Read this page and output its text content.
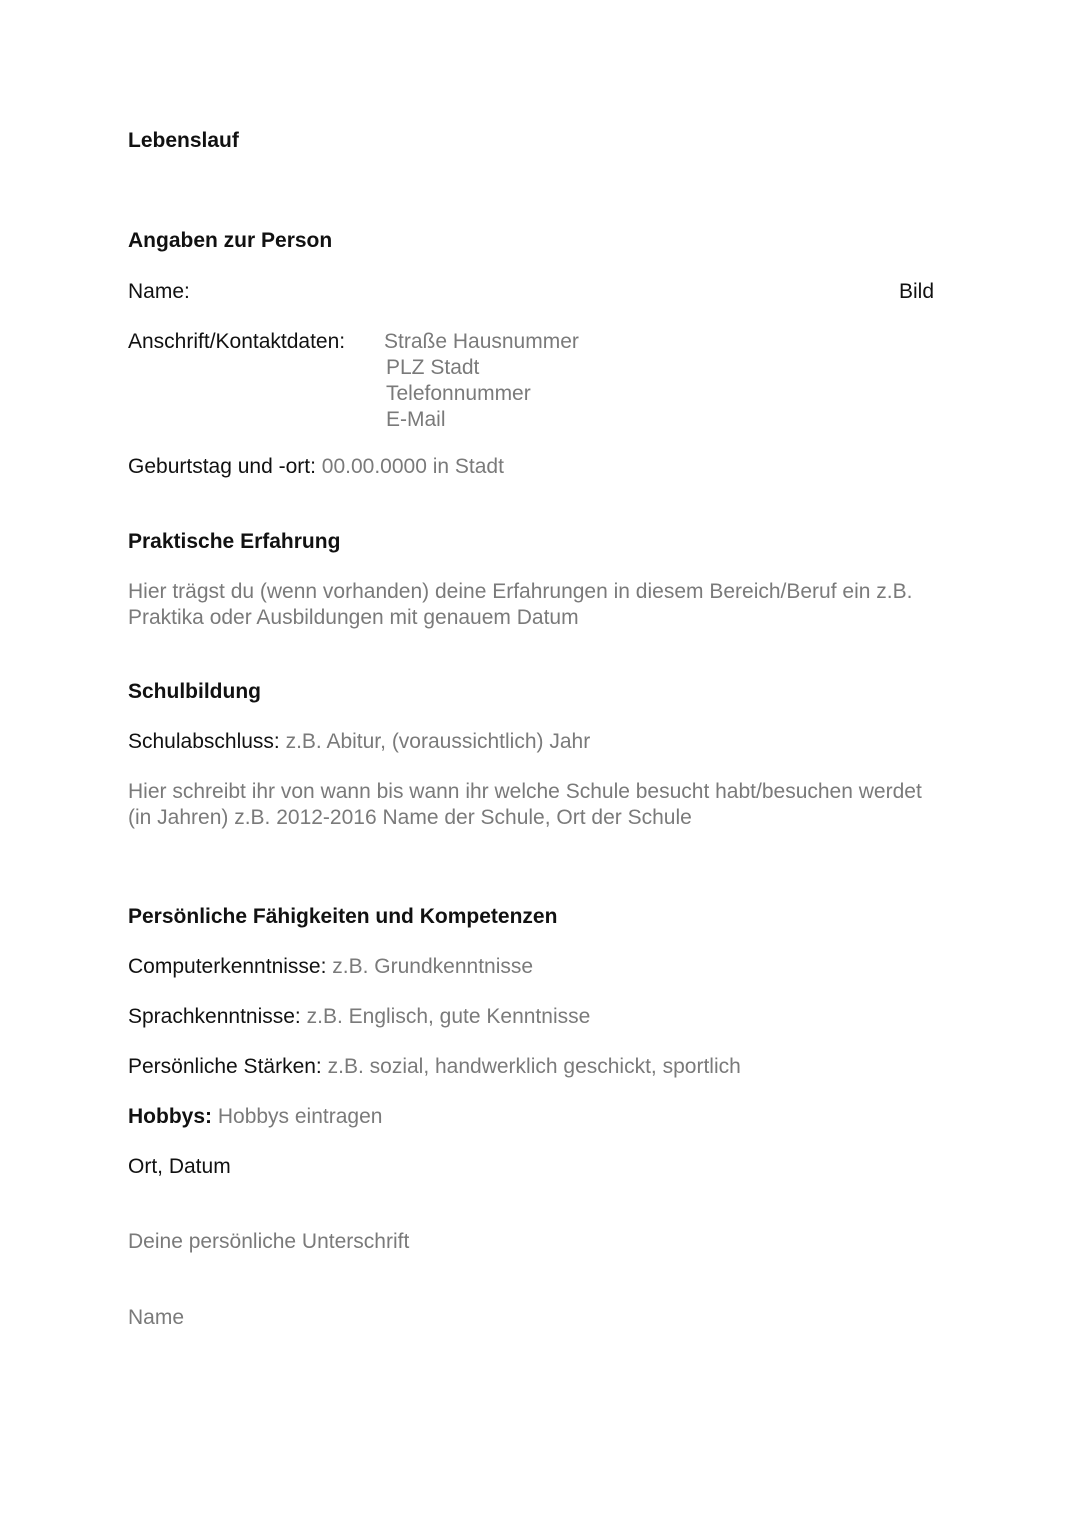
Lebenslauf
Angaben zur Person
Name:	Bild
Anschrift/Kontaktdaten: Straße Hausnummer
PLZ Stadt
Telefonnummer
E-Mail
Geburtstag und -ort: 00.00.0000 in Stadt
Praktische Erfahrung
Hier trägst du (wenn vorhanden) deine Erfahrungen in diesem Bereich/Beruf ein z.B.
Praktika oder Ausbildungen mit genauem Datum
Schulbildung
Schulabschluss: z.B. Abitur, (voraussichtlich) Jahr
Hier schreibt ihr von wann bis wann ihr welche Schule besucht habt/besuchen werdet
(in Jahren) z.B. 2012-2016 Name der Schule, Ort der Schule
Persönliche Fähigkeiten und Kompetenzen
Computerkenntnisse: z.B. Grundkenntnisse
Sprachkenntnisse: z.B. Englisch, gute Kenntnisse
Persönliche Stärken: z.B. sozial, handwerklich geschickt, sportlich
Hobbys: Hobbys eintragen
Ort, Datum
Deine persönliche Unterschrift
Name
